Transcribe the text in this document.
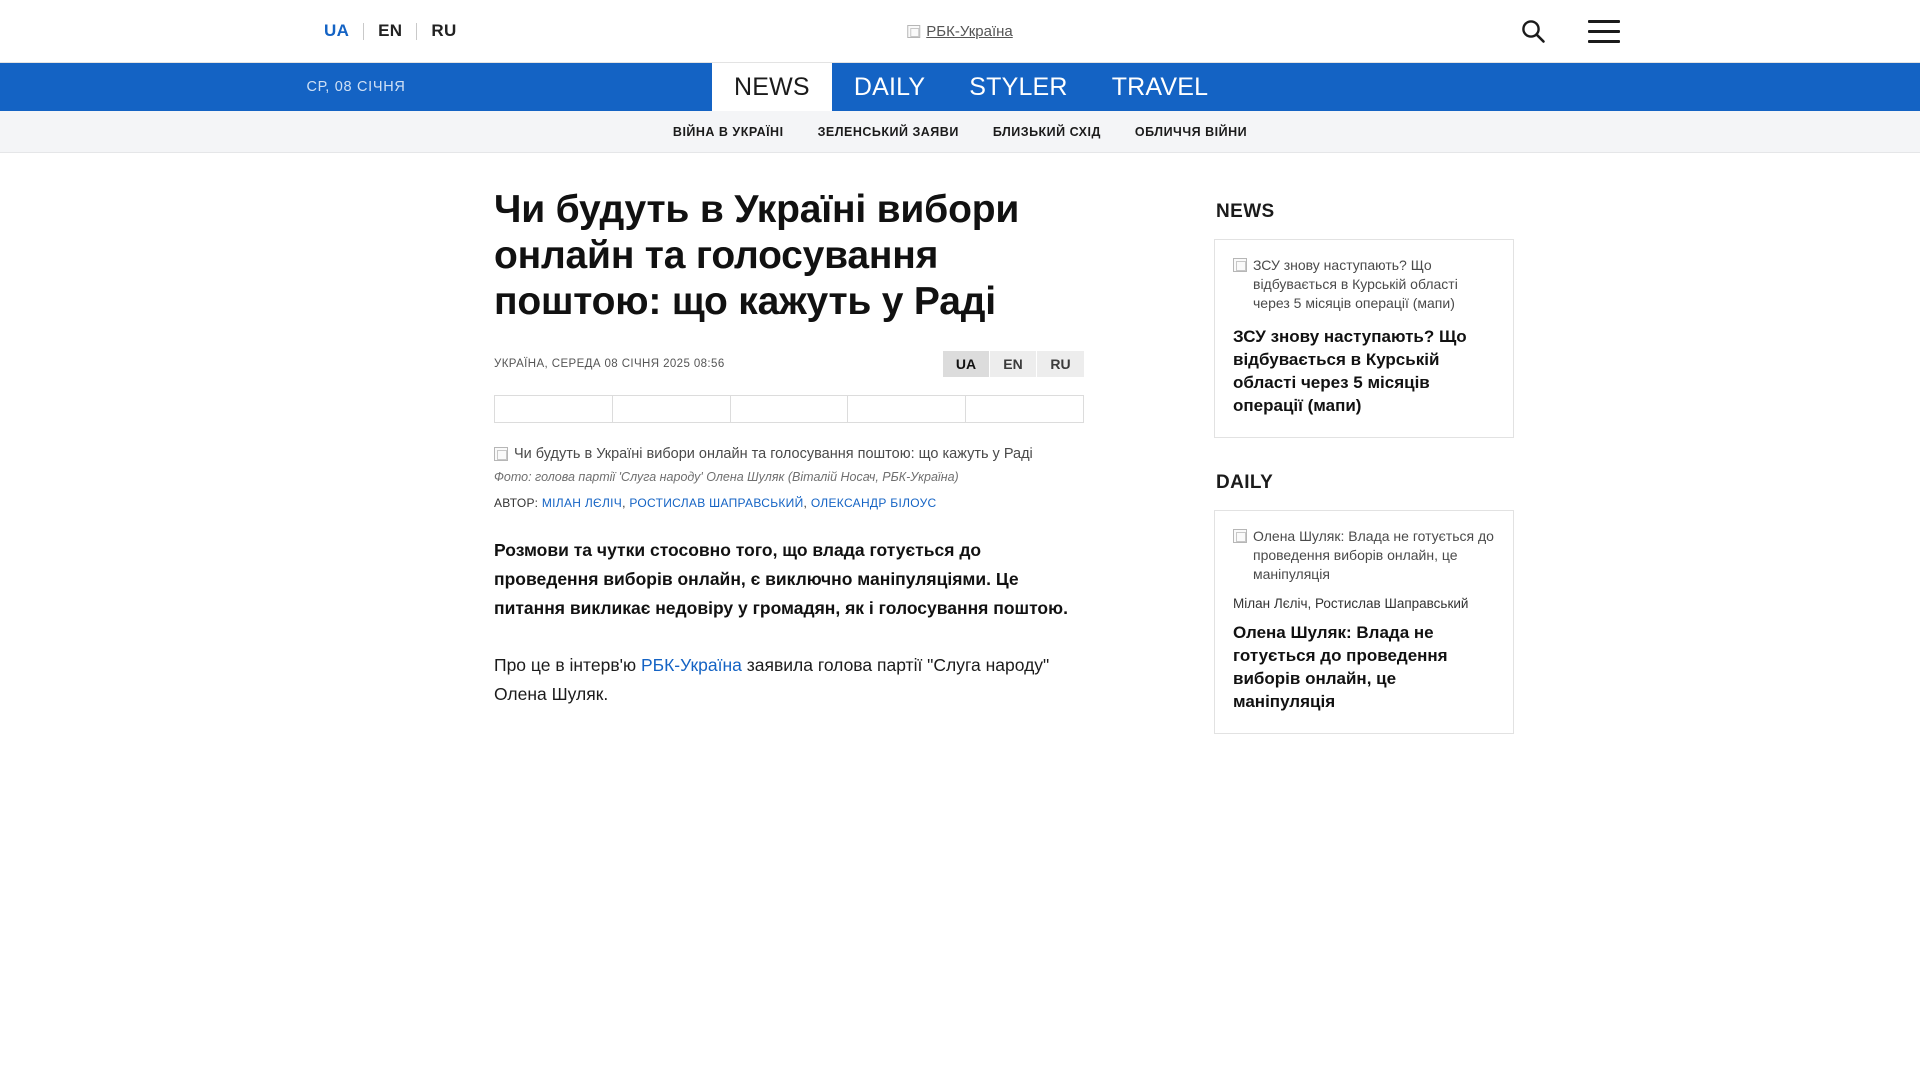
UA	EN	RU	РБК-Україна
СР, 08 СІЧНЯ	NEWS	DAILY	STYLER	TRAVEL
ВІЙНА В УКРАЇНІ	ЗЕЛЕНСЬКИЙ ЗАЯВИ	БЛИЗЬКИЙ СХІД	ОБЛИЧЧЯ ВІЙНИ
Чи будуть в Україні вибори онлайн та голосування поштою: що кажуть у Раді
УКРАЇНА, СЕРЕДА 08 СІЧНЯ 2025 08:56	UA	EN	RU
Чи будуть в Україні вибори онлайн та голосування поштою: що кажуть у Раді
Фото: голова партії 'Слуга народу' Олена Шуляк (Віталій Носач, РБК-Україна)
АВТОР: МІЛАН ЛЄЛІЧ, РОСТИСЛАВ ШАПРАВСЬКИЙ, ОЛЕКСАНДР БІЛОУС

Розмови та чутки стосовно того, що влада готується до проведення виборів онлайн, є виключно маніпуляціями. Це питання викликає недовіру у громадян, як і голосування поштою.

Про це в інтерв'ю РБК-Україна заявила голова партії "Слуга народу" Олена Шуляк.

NEWS
ЗСУ знову наступають? Що відбувається в Курській області через 5 місяців операції (мапи)
ЗСУ знову наступають? Що відбувається в Курській області через 5 місяців операції (мапи)
DAILY
Олена Шуляк: Влада не готується до проведення виборів онлайн, це маніпуляція
Мілан Лєліч, Ростислав Шаправський
Олена Шуляк: Влада не готується до проведення виборів онлайн, це маніпуляція
